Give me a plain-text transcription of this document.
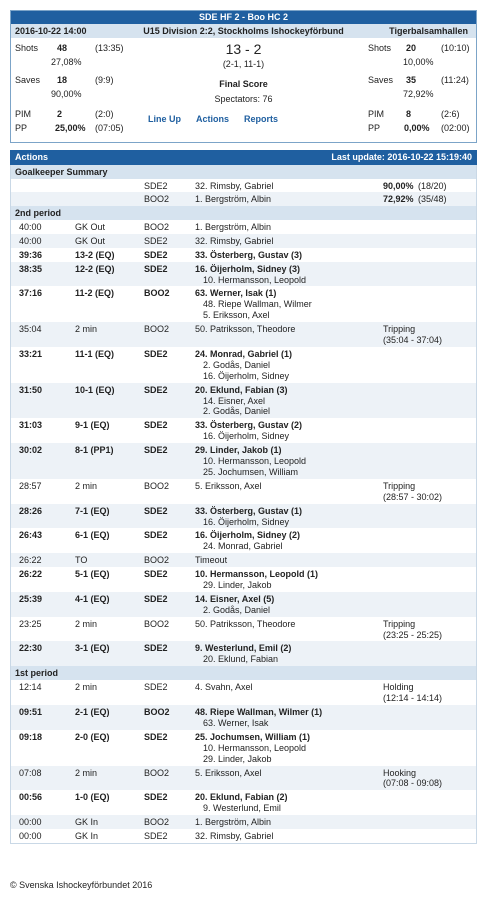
SDE HF 2 - Boo HC 2
2016-10-22 14:00	U15 Division 2:2, Stockholms Ishockeyförbund	Tigerbalsamhallen
Shots 48	(13:35)
27,08%
Saves 18	(9:9)
90,00%
PIM	2	(2:0)
PP	25,00% (07:05)
13 - 2
(2-1, 11-1)
Final Score
Spectators: 76
Line Up Actions Reports
Shots 20	(10:10)
10,00%
Saves 35	(11:24)
72,92%
PIM 8	(2:6)
PP	0,00% (02:00)
Actions	Last update: 2016-10-22 15:19:40
Goalkeeper Summary
SDE2	32. Rimsby, Gabriel	90,00% (18/20)
BOO2	1. Bergström, Albin	72,92% (35/48)
2nd period
40:00	GK Out	BOO2	1. Bergström, Albin
40:00	GK Out	SDE2	32. Rimsby, Gabriel
39:36	13-2 (EQ)	SDE2	33. Österberg, Gustav (3)
38:35	12-2 (EQ)	SDE2	16. Öijerholm, Sidney (3)
10. Hermansson, Leopold
37:16	11-2 (EQ)	BOO2	63. Werner, Isak (1)
48. Riepe Wallman, Wilmer
5. Eriksson, Axel
35:04	2 min	BOO2	50. Patriksson, Theodore	Tripping
(35:04 - 37:04)
33:21	11-1 (EQ)	SDE2	24. Monrad, Gabriel (1)
2. Godås, Daniel
16. Öijerholm, Sidney
31:50	10-1 (EQ)	SDE2	20. Eklund, Fabian (3)
14. Eisner, Axel
2. Godås, Daniel
31:03	9-1 (EQ)	SDE2	33. Österberg, Gustav (2)
16. Öijerholm, Sidney
30:02	8-1 (PP1)	SDE2	29. Linder, Jakob (1)
10. Hermansson, Leopold
25. Jochumsen, William
28:57	2 min	BOO2	5. Eriksson, Axel	Tripping
(28:57 - 30:02)
28:26	7-1 (EQ)	SDE2	33. Österberg, Gustav (1)
16. Öijerholm, Sidney
26:43	6-1 (EQ)	SDE2	16. Öijerholm, Sidney (2)
24. Monrad, Gabriel
26:22	TO	BOO2	Timeout
26:22	5-1 (EQ)	SDE2	10. Hermansson, Leopold (1)
29. Linder, Jakob
25:39	4-1 (EQ)	SDE2	14. Eisner, Axel (5)
2. Godås, Daniel
23:25	2 min	BOO2	50. Patriksson, Theodore	Tripping
(23:25 - 25:25)
22:30	3-1 (EQ)	SDE2	9. Westerlund, Emil (2)
20. Eklund, Fabian
1st period
12:14	2 min	SDE2	4. Svahn, Axel	Holding
(12:14 - 14:14)
09:51	2-1 (EQ)	BOO2	48. Riepe Wallman, Wilmer (1)
63. Werner, Isak
09:18	2-0 (EQ)	SDE2	25. Jochumsen, William (1)
10. Hermansson, Leopold
29. Linder, Jakob
07:08	2 min	BOO2	5. Eriksson, Axel	Hooking
(07:08 - 09:08)
00:56	1-0 (EQ)	SDE2	20. Eklund, Fabian (2)
9. Westerlund, Emil
00:00	GK In	BOO2	1. Bergström, Albin
00:00	GK In	SDE2	32. Rimsby, Gabriel
© Svenska Ishockeyförbundet 2016
